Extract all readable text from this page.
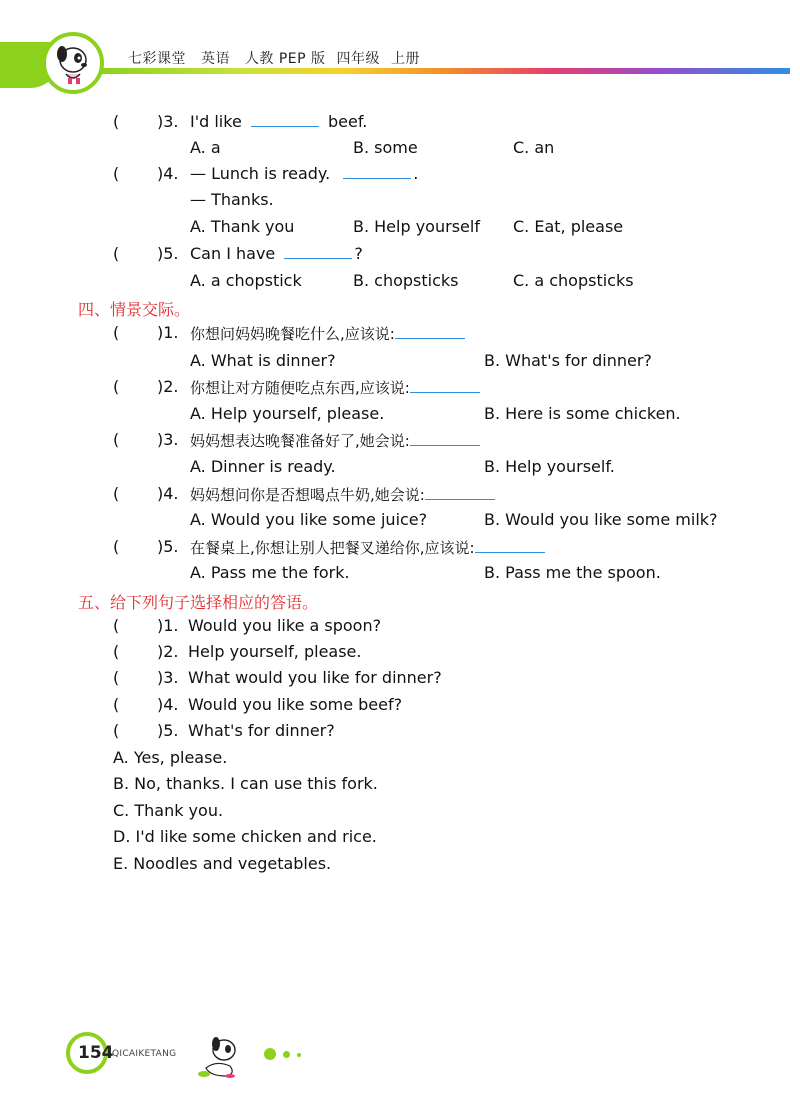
七彩课堂 英语 人教 PEP 版 四年级 上册
( )3. I'd like	beef.
A. a	B. some	C. an
( )4. — Lunch is ready.	.
— Thanks.
A. Thank you	B. Help yourself C. Eat, please
( )5. Can I have	?
A. a chopstick	B. chopsticks	C. a chopsticks
四、情景交际。
( )1. 你想问妈妈晚餐吃什么,应该说:
A. What is dinner?	B. What's for dinner?
( )2. 你想让对方随便吃点东西,应该说:
A. Help yourself, please.	B. Here is some chicken.
( )3. 妈妈想表达晚餐准备好了,她会说:
A. Dinner is ready.	B. Help yourself.
( )4. 妈妈想问你是否想喝点牛奶,她会说:
A. Would you like some juice?	B. Would you like some milk?
( )5. 在餐桌上,你想让别人把餐叉递给你,应该说:
A. Pass me the fork.	B. Pass me the spoon.
五、给下列句子选择相应的答语。
( )1. Would you like a spoon?
( )2. Help yourself, please.
( )3. What would you like for dinner?
( )4. Would you like some beef?
( )5. What's for dinner?
A. Yes, please.
B. No, thanks. I can use this fork.
C. Thank you.
D. I'd like some chicken and rice.
E. Noodles and vegetables.
154
QICAIKETANG
